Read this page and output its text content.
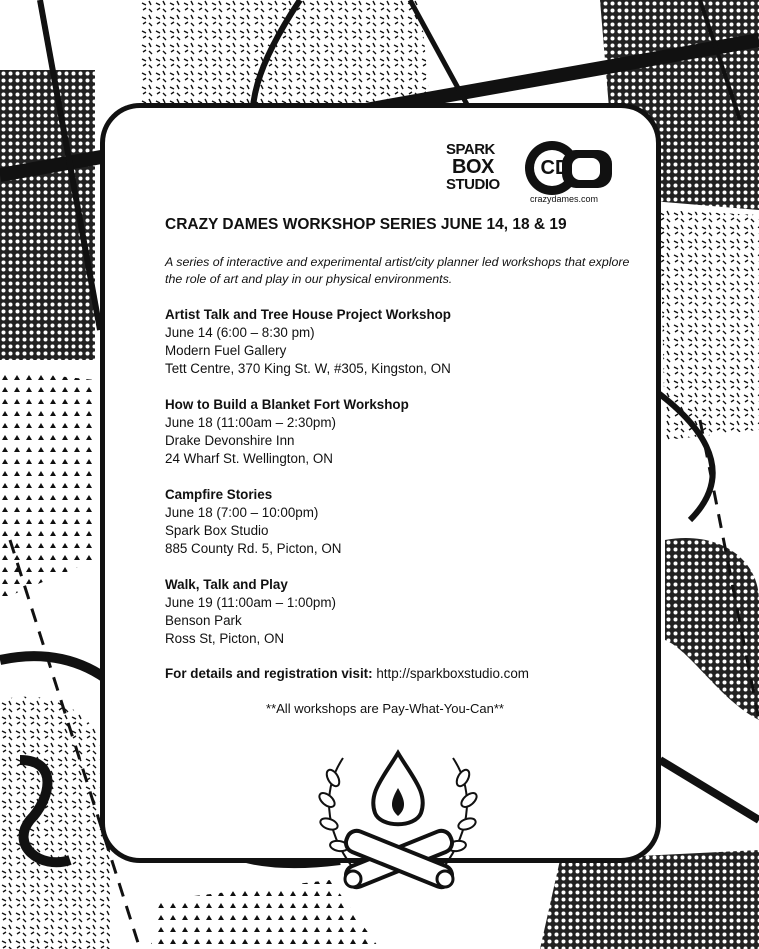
SPARK
BOX
STUDIO
CD
crazydames.com
CRAZY DAMES WORKSHOP SERIES JUNE 14, 18 & 19

A series of interactive and experimental artist/city planner led workshops that explore the role of art and play in our physical environments.

Artist Talk and Tree House Project Workshop
June 14 (6:00 – 8:30 pm)
Modern Fuel Gallery
Tett Centre, 370 King St. W, #305, Kingston, ON
How to Build a Blanket Fort Workshop
June 18 (11:00am – 2:30pm)
Drake Devonshire Inn
24 Wharf St. Wellington, ON
Campfire Stories
June 18 (7:00 – 10:00pm)
Spark Box Studio
885 County Rd. 5, Picton, ON
Walk, Talk and Play
June 19 (11:00am – 1:00pm)
Benson Park
Ross St, Picton, ON

For details and registration visit: http://sparkboxstudio.com

**All workshops are Pay-What-You-Can**
